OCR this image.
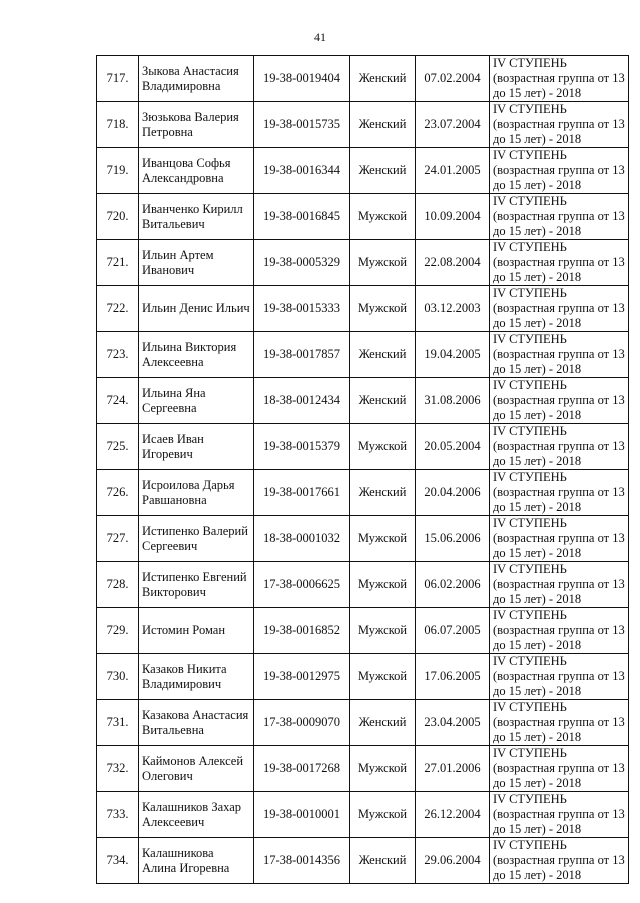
41
717.	Зыкова Анастасия Владимировна	19-38-0019404	Женский	07.02.2004	IV СТУПЕНЬ
(возрастная группа от 13
до 15 лет) - 2018

718.	Зюзькова Валерия Петровна	19-38-0015735	Женский	23.07.2004	IV СТУПЕНЬ
(возрастная группа от 13
до 15 лет) - 2018

719.	Иванцова Софья Александровна	19-38-0016344	Женский	24.01.2005	IV СТУПЕНЬ
(возрастная группа от 13
до 15 лет) - 2018

720.	Иванченко Кирилл Витальевич	19-38-0016845	Мужской	10.09.2004	IV СТУПЕНЬ
(возрастная группа от 13
до 15 лет) - 2018

721.	Ильин Артем Иванович	19-38-0005329	Мужской	22.08.2004	IV СТУПЕНЬ
(возрастная группа от 13
до 15 лет) - 2018

722.	Ильин Денис Ильич	19-38-0015333	Мужской	03.12.2003	IV СТУПЕНЬ
(возрастная группа от 13
до 15 лет) - 2018

723.	Ильина Виктория Алексеевна	19-38-0017857	Женский	19.04.2005	IV СТУПЕНЬ
(возрастная группа от 13
до 15 лет) - 2018

724.	Ильина Яна Сергеевна	18-38-0012434	Женский	31.08.2006	IV СТУПЕНЬ
(возрастная группа от 13
до 15 лет) - 2018

725.	Исаев Иван Игоревич	19-38-0015379	Мужской	20.05.2004	IV СТУПЕНЬ
(возрастная группа от 13
до 15 лет) - 2018

726.	Исроилова Дарья Равшановна	19-38-0017661	Женский	20.04.2006	IV СТУПЕНЬ
(возрастная группа от 13
до 15 лет) - 2018

727.	Истипенко Валерий Сергеевич	18-38-0001032	Мужской	15.06.2006	IV СТУПЕНЬ
(возрастная группа от 13
до 15 лет) - 2018

728.	Истипенко Евгений Викторович	17-38-0006625	Мужской	06.02.2006	IV СТУПЕНЬ
(возрастная группа от 13
до 15 лет) - 2018

729.	Истомин Роман	19-38-0016852	Мужской	06.07.2005	IV СТУПЕНЬ
(возрастная группа от 13
до 15 лет) - 2018

730.	Казаков Никита Владимирович	19-38-0012975	Мужской	17.06.2005	IV СТУПЕНЬ
(возрастная группа от 13
до 15 лет) - 2018

731.	Казакова Анастасия Витальевна	17-38-0009070	Женский	23.04.2005	IV СТУПЕНЬ
(возрастная группа от 13
до 15 лет) - 2018

732.	Каймонов Алексей Олегович	19-38-0017268	Мужской	27.01.2006	IV СТУПЕНЬ
(возрастная группа от 13
до 15 лет) - 2018

733.	Калашников Захар Алексеевич	19-38-0010001	Мужской	26.12.2004	IV СТУПЕНЬ
(возрастная группа от 13
до 15 лет) - 2018

734.	Калашникова Алина Игоревна	17-38-0014356	Женский	29.06.2004	IV СТУПЕНЬ
(возрастная группа от 13
до 15 лет) - 2018
